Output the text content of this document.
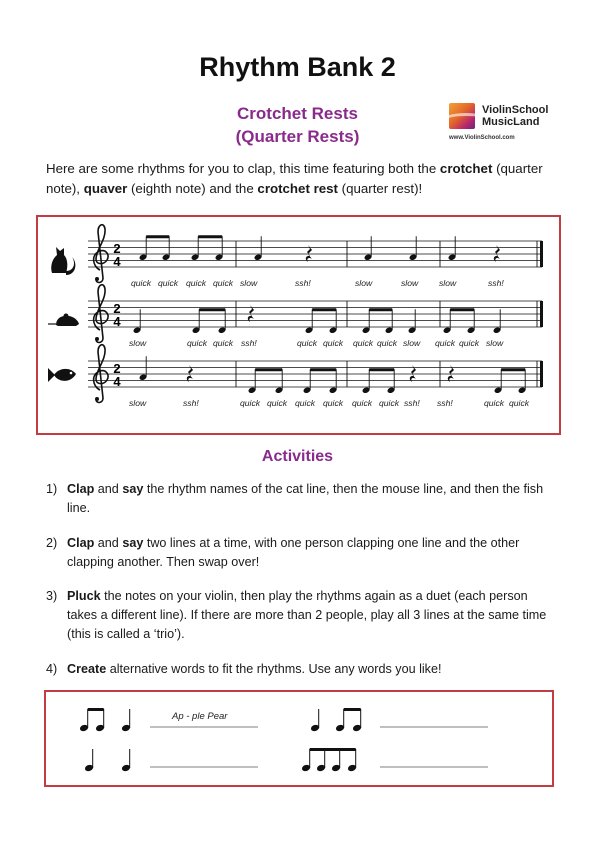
Rhythm Bank 2
Crotchet Rests
(Quarter Rests)
ViolinSchool
MusicLand
www.ViolinSchool.com

Here are some rhythms for you to clap, this time featuring both the crotchet (quarter note), quaver (eighth note) and the crotchet rest (quarter rest)!

2
4
2
4
2
4
quick quick quick quick slow	ssh!	slow	slow slow	ssh!
slow	quick quick ssh!	quick quick quick quick slow quick quick slow
slow	ssh!	quick quick quick quick quick quick ssh! ssh!	quick quick
Activities
1) Clap and say the rhythm names of the cat line, then the mouse line, and then the fish line.
2) Clap and say two lines at a time, with one person clapping one line and the other clapping another. Then swap over!
3) Pluck the notes on your violin, then play the rhythms again as a duet (each person takes a different line). If there are more than 2 people, play all 3 lines at the same time (this is called a ‘trio’).
4) Create alternative words to fit the rhythms. Use any words you like!
Ap - ple Pear
